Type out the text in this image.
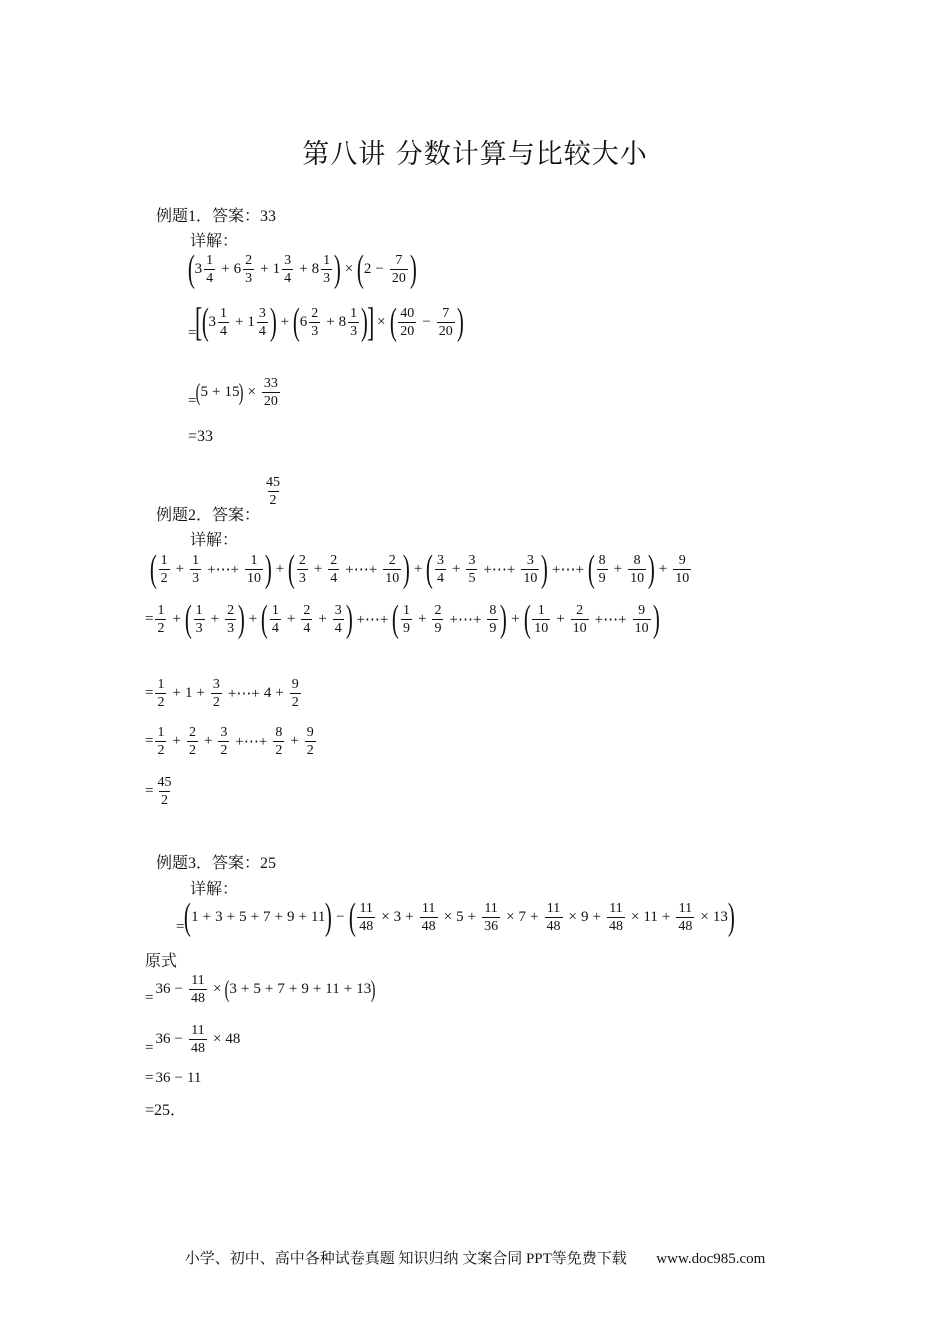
第八讲 分数计算与比较大小
例题1．答案：33
详解：
( $3 \frac{1}{4} + 6 \frac{2}{3} + 1 \frac{3}{4} + 8 \frac{1}{3}$ ) × ( $2 - \frac{7}{20}$ )
=
[
( $3 \frac{1}{4} + 1 \frac{3}{4}$ ) + ( $6 \frac{2}{3} + 8 \frac{1}{3}$ )
] × ( $\frac{40}{20} - \frac{7}{20}$ )
= ( 5 + 15 ) × $\frac{33}{20}$
=33
例题2．答案：
$\frac{45}{2}$
详解：
( $\frac{1}{2} + \frac{1}{3}$ +⋯+ $\frac{1}{10}$ ) + ( $\frac{2}{3} + \frac{2}{4}$ +⋯+ $\frac{2}{10}$ ) + ( $\frac{3}{4} + \frac{3}{5}$ +⋯+ $\frac{3}{10}$ ) +⋯+ ( $\frac{8}{9} + \frac{8}{10}$ ) + $\frac{9}{10}$
= $\frac{1}{2}$ + ( $\frac{1}{3} + \frac{2}{3}$ ) + ( $\frac{1}{4} + \frac{2}{4} + \frac{3}{4}$ ) +⋯+ ( $\frac{1}{9} + \frac{2}{9}$ +⋯+ $\frac{8}{9}$ ) + ( $\frac{1}{10} + \frac{2}{10}$ +⋯+ $\frac{9}{10}$ )
= $\frac{1}{2} + 1 + \frac{3}{2}$ +⋯+ $4 + \frac{9}{2}$
= $\frac{1}{2} + \frac{2}{2} + \frac{3}{2}$ +⋯+ $\frac{8}{2} + \frac{9}{2}$
= $\frac{45}{2}$
例题3．答案：25
详解：
= ( 1 + 3 + 5 + 7 + 9 + 11 ) − ( $\frac{11}{48} \times 3 + \frac{11}{48} \times 5 + \frac{11}{36} \times 7 + \frac{11}{48} \times 9 + \frac{11}{48} \times 11 + \frac{11}{48} \times 13$ )
原式
=
$36 - \frac{11}{48}$ × ( 3 + 5 + 7 + 9 + 11 + 13 )
=
$36 - \frac{11}{48} \times 48$
= 36 − 11
=25．
小学、初中、高中各种试卷真题 知识归纳 文案合同 PPT等免费下载 www.doc985.com
